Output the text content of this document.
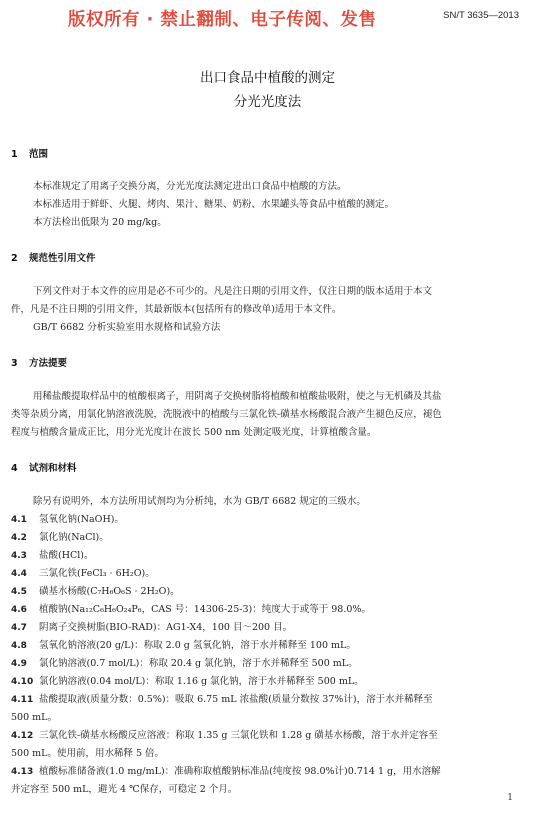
版权所有 · 禁止翻制、电子传阅、发售	SN/T 3635—2013
出口食品中植酸的测定
分光光度法
1 范围
本标准规定了用离子交换分离，分光光度法测定进出口食品中植酸的方法。
本标准适用于鲜虾、火腿、烤肉、果汁、糖果、奶粉、水果罐头等食品中植酸的测定。
本方法检出低限为 20 mg/kg。
2 规范性引用文件
下列文件对于本文件的应用是必不可少的。凡是注日期的引用文件，仅注日期的版本适用于本文
件，凡是不注日期的引用文件，其最新版本(包括所有的修改单)适用于本文件。
GB/T 6682 分析实验室用水规格和试验方法
3 方法提要
用稀盐酸提取样品中的植酸根离子，用阴离子交换树脂将植酸和植酸盐吸附，使之与无机磷及其盐
类等杂质分离，用氯化钠溶液洗脱，洗脱液中的植酸与三氯化铁-磺基水杨酸混合液产生褪色反应，褪色
程度与植酸含量成正比，用分光光度计在波长 500 nm 处测定吸光度，计算植酸含量。
4 试剂和材料
除另有说明外，本方法所用试剂均为分析纯，水为 GB/T 6682 规定的三级水。
4.1 氢氧化钠(NaOH)。
4.2 氯化钠(NaCl)。
4.3 盐酸(HCl)。
4.4 三氯化铁(FeCl₃ · 6H₂O)。
4.5 磺基水杨酸(C₇H₆O₆S · 2H₂O)。
4.6 植酸钠(Na₁₂C₆H₆O₂₄P₆，CAS 号：14306-25-3)：纯度大于或等于 98.0%。
4.7 阴离子交换树脂(BIO-RAD)：AG1-X4，100 目～200 目。
4.8 氢氧化钠溶液(20 g/L)：称取 2.0 g 氢氧化钠，溶于水并稀释至 100 mL。
4.9 氯化钠溶液(0.7 mol/L)：称取 20.4 g 氯化钠，溶于水并稀释至 500 mL。
4.10 氯化钠溶液(0.04 mol/L)：称取 1.16 g 氯化钠，溶于水并稀释至 500 mL。
4.11 盐酸提取液(质量分数：0.5%)：吸取 6.75 mL 浓盐酸(质量分数按 37%计)，溶于水并稀释至
500 mL。
4.12 三氯化铁-磺基水杨酸反应溶液：称取 1.35 g 三氯化铁和 1.28 g 磺基水杨酸，溶于水并定容至
500 mL。使用前，用水稀释 5 倍。
4.13 植酸标准储备液(1.0 mg/mL)：准确称取植酸钠标准品(纯度按 98.0%计)0.714 1 g，用水溶解
并定容至 500 mL，避光 4 ℃保存，可稳定 2 个月。
1
